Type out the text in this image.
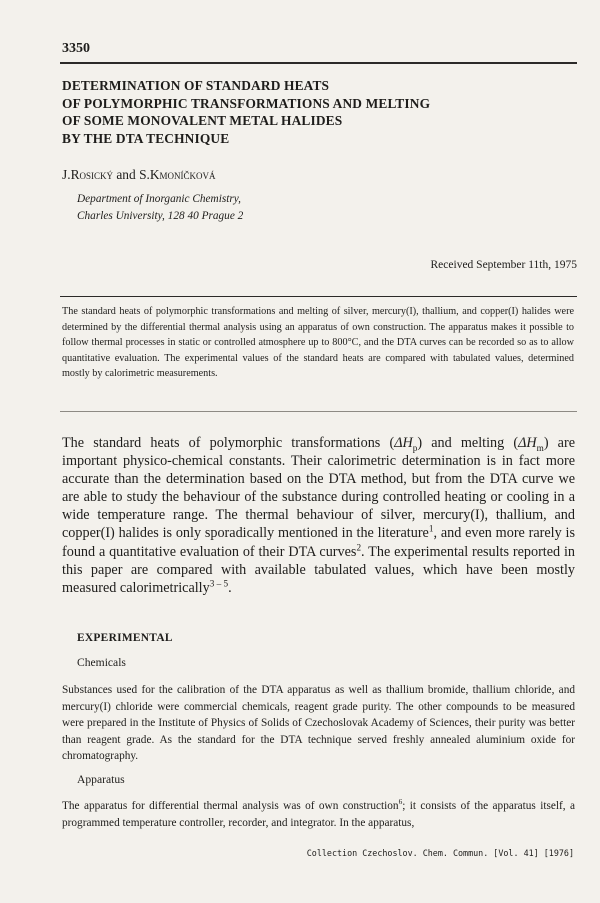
3350
DETERMINATION OF STANDARD HEATS
OF POLYMORPHIC TRANSFORMATIONS AND MELTING
OF SOME MONOVALENT METAL HALIDES
BY THE DTA TECHNIQUE
J.Rosický and S.Kmoníčková
Department of Inorganic Chemistry,
Charles University, 128 40 Prague 2
Received September 11th, 1975
The standard heats of polymorphic transformations and melting of silver, mercury(I), thallium, and copper(I) halides were determined by the differential thermal analysis using an apparatus of own construction. The apparatus makes it possible to follow thermal processes in static or controlled atmosphere up to 800°C, and the DTA curves can be recorded so as to allow quantitative evaluation. The experimental values of the standard heats are compared with tabulated values, determined mostly by calorimetric measurements.
The standard heats of polymorphic transformations $(\Delta H_p)$ and melting $(\Delta H_m)$ are important physico-chemical constants. Their calorimetric determination is in fact more accurate than the determination based on the DTA method, but from the DTA curve we are able to study the behaviour of the substance during controlled heating or cooling in a wide temperature range. The thermal behaviour of silver, mercury(I), thallium, and copper(I) halides is only sporadically mentioned in the literature$^1$, and even more rarely is found a quantitative evaluation of their DTA curves$^2$. The experimental results reported in this paper are compared with available tabulated values, which have been mostly measured calorimetrically$^{3 - 5}$.
EXPERIMENTAL
Chemicals
Substances used for the calibration of the DTA apparatus as well as thallium bromide, thallium chloride, and mercury(I) chloride were commercial chemicals, reagent grade purity. The other compounds to be measured were prepared in the Institute of Physics of Solids of Czechoslovak Academy of Sciences, their purity was better than reagent grade. As the standard for the DTA technique served freshly annealed aluminium oxide for chromatography.
Apparatus
The apparatus for differential thermal analysis was of own construction$^6$; it consists of the apparatus itself, a programmed temperature controller, recorder, and integrator. In the apparatus,
Collection Czechoslov. Chem. Commun. [Vol. 41] [1976]
